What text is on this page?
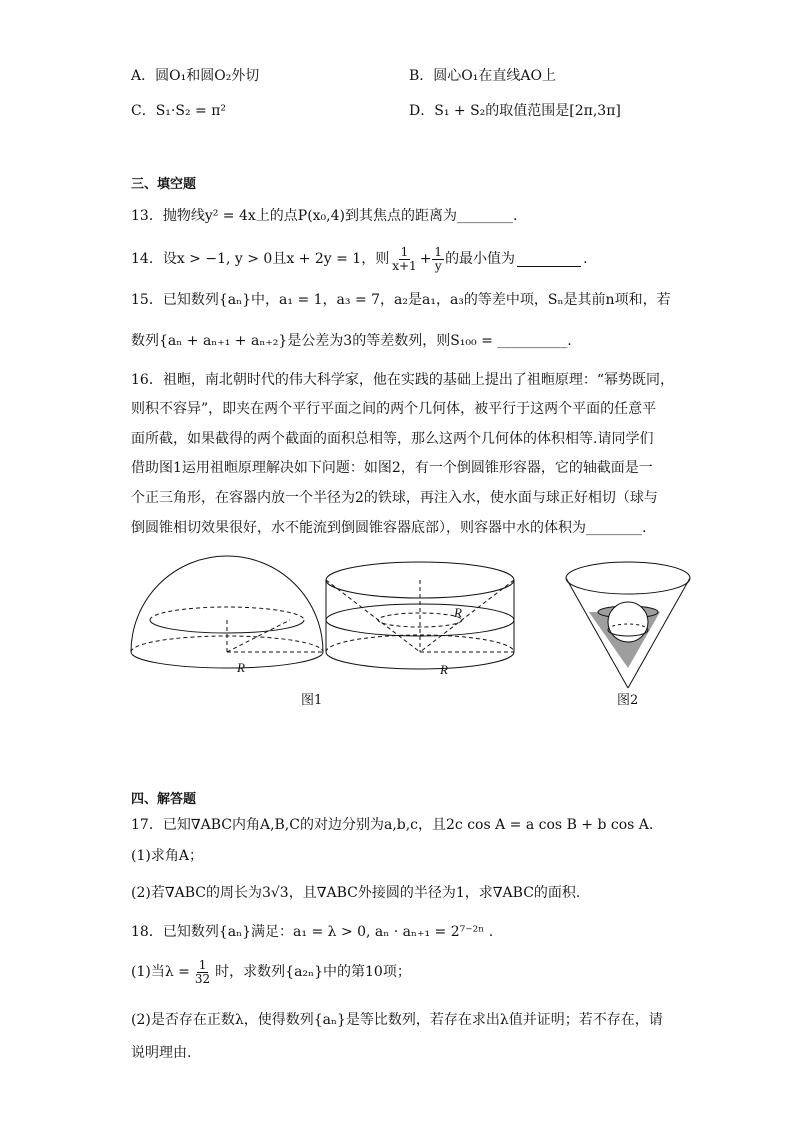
A．圆O₁和圆O₂外切	B．圆心O₁在直线AO上
C．S₁·S₂ = π²	D．S₁ + S₂的取值范围是[2π,3π]
三、填空题
13．抛物线y² = 4x上的点P(x₀,4)到其焦点的距离为________.
14．设x > −1, y > 0且x + 2y = 1，则 $\frac{1}{x+1} + \frac{1}{y}$ 的最小值为	.
15．已知数列{aₙ}中，a₁ = 1，a₃ = 7，a₂是a₁，a₃的等差中项，Sₙ是其前n项和，若
数列{aₙ + aₙ₊₁ + aₙ₊₂}是公差为3的等差数列，则S₁₀₀ = __________.
16．祖暅，南北朝时代的伟大科学家，他在实践的基础上提出了祖暅原理：“幂势既同，
则积不容异”，即夹在两个平行平面之间的两个几何体，被平行于这两个平面的任意平
面所截，如果截得的两个截面的面积总相等，那么这两个几何体的体积相等.请同学们
借助图1运用祖暅原理解决如下问题：如图2，有一个倒圆锥形容器，它的轴截面是一
个正三角形，在容器内放一个半径为2的铁球，再注入水，使水面与球正好相切（球与
倒圆锥相切效果很好，水不能流到倒圆锥容器底部），则容器中水的体积为________.
R
R
R
图1	图2
四、解答题
17．已知∇ABC内角A,B,C的对边分别为a,b,c，且2c cos A = a cos B + b cos A.
(1)求角A；
(2)若∇ABC的周长为3√3，且∇ABC外接圆的半径为1，求∇ABC的面积.
18．已知数列{aₙ}满足：a₁ = λ > 0, aₙ · aₙ₊₁ = 2⁷⁻²ⁿ .
(1)当$\lambda = \frac{1}{32}$ 时，求数列{a₂ₙ}中的第10项；
(2)是否存在正数λ，使得数列{aₙ}是等比数列，若存在求出λ值并证明；若不存在，请
说明理由.
